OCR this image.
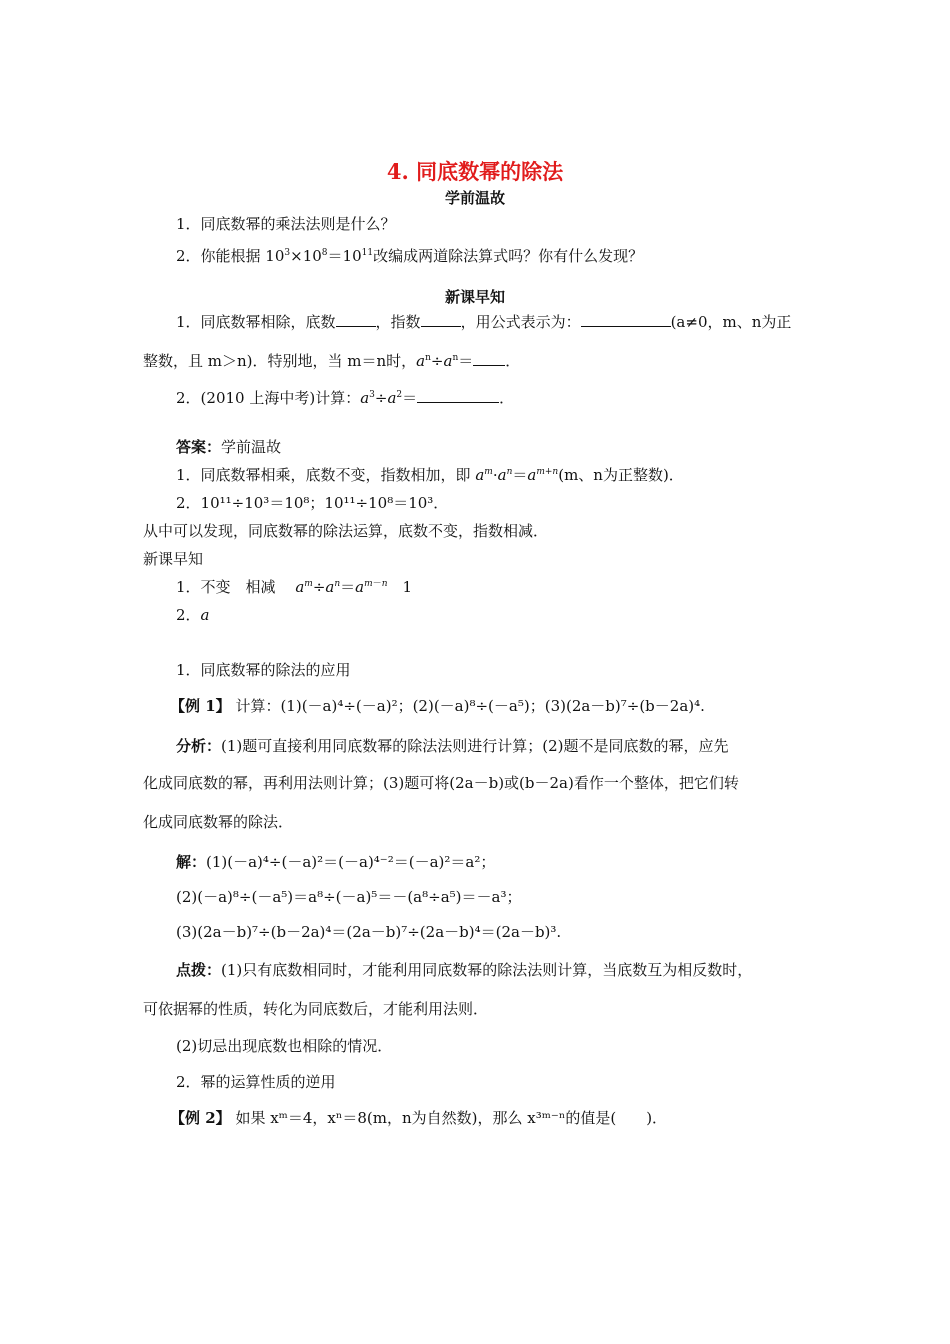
4. 同底数幂的除法
学前温故
1．同底数幂的乘法法则是什么？
2．你能根据 $10^3\times 10^8=10^{11}$改编成两道除法算式吗？你有什么发现？
新课早知
1．同底数幂相除，底数	，指数	，用公式表示为：	(a≠0，m、n为正
整数，且 m＞n)．特别地，当 m＝n时，$a^n\div a^n=$ ．
2．(2010 上海中考)计算：$a^3\div a^2=$	．
答案：学前温故
1．同底数幂相乘，底数不变，指数相加，即 $a^m\cdot a^n=a^{m+n}(m$、n为正整数)．
2．10¹¹÷10³＝10⁸；10¹¹÷10⁸＝10³．
从中可以发现，同底数幂的除法运算，底数不变，指数相减．
新课早知
1．不变　相减　 $a^m\div a^n=a^{m-n}$　 1
2．a
1．同底数幂的除法的应用
【例 1】 计算：(1)(－a)⁴÷(－a)²；(2)(－a)⁸÷(－a⁵)；(3)(2a－b)⁷÷(b－2a)⁴.
分析：(1)题可直接利用同底数幂的除法法则进行计算；(2)题不是同底数的幂，应先
化成同底数的幂，再利用法则计算；(3)题可将(2a－b)或(b－2a)看作一个整体，把它们转
化成同底数幂的除法．
解：(1)(－a)⁴÷(－a)²＝(－a)⁴⁻²＝(－a)²＝a²；
(2)(－a)⁸÷(－a⁵)＝a⁸÷(－a)⁵＝－(a⁸÷a⁵)＝－a³；
(3)(2a－b)⁷÷(b－2a)⁴＝(2a－b)⁷÷(2a－b)⁴＝(2a－b)³.
点拨：(1)只有底数相同时，才能利用同底数幂的除法法则计算，当底数互为相反数时，
可依据幂的性质，转化为同底数后，才能利用法则．
(2)切忌出现底数也相除的情况．
2．幂的运算性质的逆用
【例 2】 如果 xᵐ＝4，xⁿ＝8(m，n为自然数)，那么 x³ᵐ⁻ⁿ的值是(　　)．
